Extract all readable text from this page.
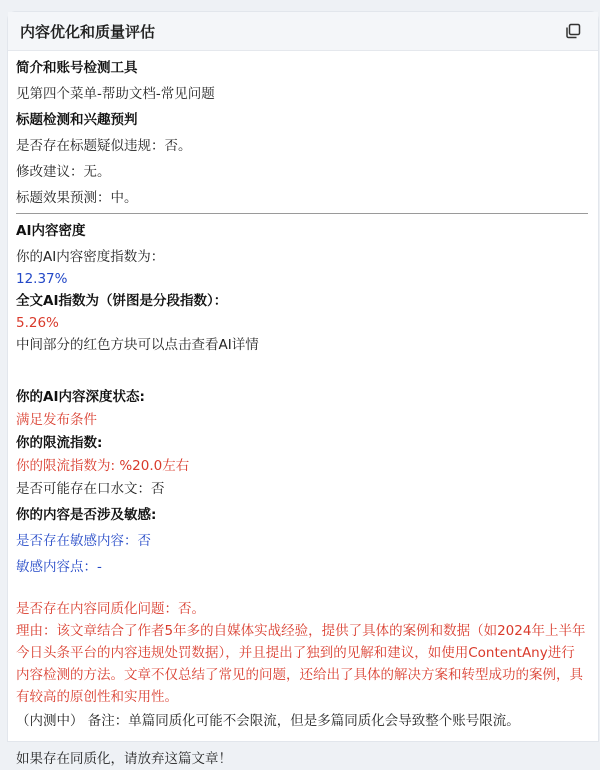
内容优化和质量评估
简介和账号检测工具
见第四个菜单-帮助文档-常见问题
标题检测和兴趣预判
是否存在标题疑似违规：否。
修改建议：无。
标题效果预测：中。
AI内容密度
你的AI内容密度指数为：
12.37%
全文AI指数为（饼图是分段指数）：
5.26%
中间部分的红色方块可以点击查看AI详情
你的AI内容深度状态:
满足发布条件
你的限流指数:
你的限流指数为: %20.0左右
是否可能存在口水文：否
你的内容是否涉及敏感:
是否存在敏感内容：否
敏感内容点：-
是否存在内容同质化问题：否。
理由：该文章结合了作者5年多的自媒体实战经验，提供了具体的案例和数据（如2024年上半年今日头条平台的内容违规处罚数据），并且提出了独到的见解和建议，如使用ContentAny进行内容检测的方法。文章不仅总结了常见的问题，还给出了具体的解决方案和转型成功的案例，具有较高的原创性和实用性。
（内测中） 备注：单篇同质化可能不会限流，但是多篇同质化会导致整个账号限流。
如果存在同质化，请放弃这篇文章！
